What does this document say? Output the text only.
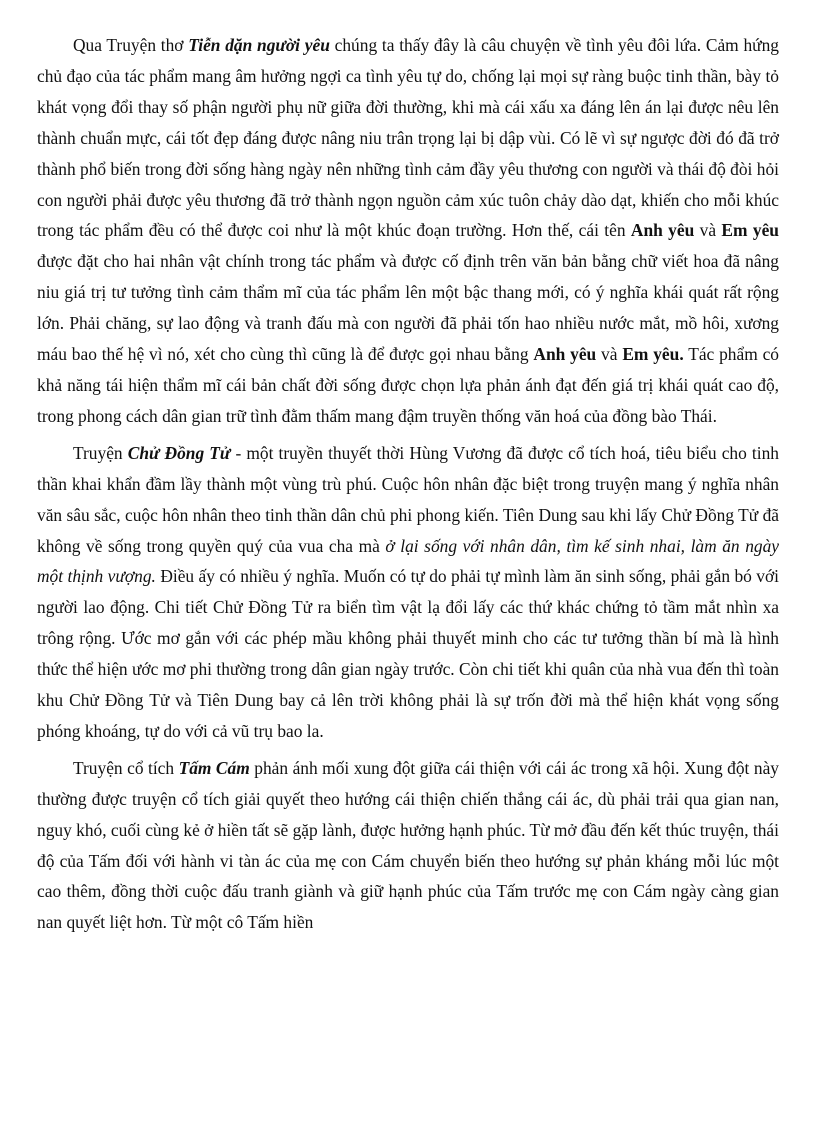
Qua Truyện thơ Tiễn dặn người yêu chúng ta thấy đây là câu chuyện về tình yêu đôi lứa. Cảm hứng chủ đạo của tác phẩm mang âm hưởng ngợi ca tình yêu tự do, chống lại mọi sự ràng buộc tinh thần, bày tỏ khát vọng đổi thay số phận người phụ nữ giữa đời thường, khi mà cái xấu xa đáng lên án lại được nêu lên thành chuẩn mực, cái tốt đẹp đáng được nâng niu trân trọng lại bị dập vùi. Có lẽ vì sự ngược đời đó đã trở thành phổ biến trong đời sống hàng ngày nên những tình cảm đầy yêu thương con người và thái độ đòi hỏi con người phải được yêu thương đã trở thành ngọn nguồn cảm xúc tuôn chảy dào dạt, khiến cho mỗi khúc trong tác phẩm đều có thể được coi như là một khúc đoạn trường. Hơn thế, cái tên Anh yêu và Em yêu được đặt cho hai nhân vật chính trong tác phẩm và được cố định trên văn bản bằng chữ viết hoa đã nâng niu giá trị tư tưởng tình cảm thẩm mĩ của tác phẩm lên một bậc thang mới, có ý nghĩa khái quát rất rộng lớn. Phải chăng, sự lao động và tranh đấu mà con người đã phải tốn hao nhiều nước mắt, mồ hôi, xương máu bao thế hệ vì nó, xét cho cùng thì cũng là để được gọi nhau bằng Anh yêu và Em yêu. Tác phẩm có khả năng tái hiện thẩm mĩ cái bản chất đời sống được chọn lựa phản ánh đạt đến giá trị khái quát cao độ, trong phong cách dân gian trữ tình đằm thấm mang đậm truyền thống văn hoá của đồng bào Thái.

Truyện Chử Đồng Tử - một truyền thuyết thời Hùng Vương đã được cổ tích hoá, tiêu biểu cho tinh thần khai khẩn đầm lầy thành một vùng trù phú. Cuộc hôn nhân đặc biệt trong truyện mang ý nghĩa nhân văn sâu sắc, cuộc hôn nhân theo tinh thần dân chủ phi phong kiến. Tiên Dung sau khi lấy Chử Đồng Tử đã không về sống trong quyền quý của vua cha mà ở lại sống với nhân dân, tìm kế sinh nhai, làm ăn ngày một thịnh vượng. Điều ấy có nhiều ý nghĩa. Muốn có tự do phải tự mình làm ăn sinh sống, phải gắn bó với người lao động. Chi tiết Chử Đồng Tử ra biển tìm vật lạ đổi lấy các thứ khác chứng tỏ tầm mắt nhìn xa trông rộng. Ước mơ gắn với các phép mầu không phải thuyết minh cho các tư tưởng thần bí mà là hình thức thể hiện ước mơ phi thường trong dân gian ngày trước. Còn chi tiết khi quân của nhà vua đến thì toàn khu Chử Đồng Tử và Tiên Dung bay cả lên trời không phải là sự trốn đời mà thể hiện khát vọng sống phóng khoáng, tự do với cả vũ trụ bao la.

Truyện cổ tích Tấm Cám phản ánh mối xung đột giữa cái thiện với cái ác trong xã hội. Xung đột này thường được truyện cổ tích giải quyết theo hướng cái thiện chiến thắng cái ác, dù phải trải qua gian nan, nguy khó, cuối cùng kẻ ở hiền tất sẽ gặp lành, được hưởng hạnh phúc. Từ mở đầu đến kết thúc truyện, thái độ của Tấm đối với hành vi tàn ác của mẹ con Cám chuyển biến theo hướng sự phản kháng mỗi lúc một cao thêm, đồng thời cuộc đấu tranh giành và giữ hạnh phúc của Tấm trước mẹ con Cám ngày càng gian nan quyết liệt hơn. Từ một cô Tấm hiền
